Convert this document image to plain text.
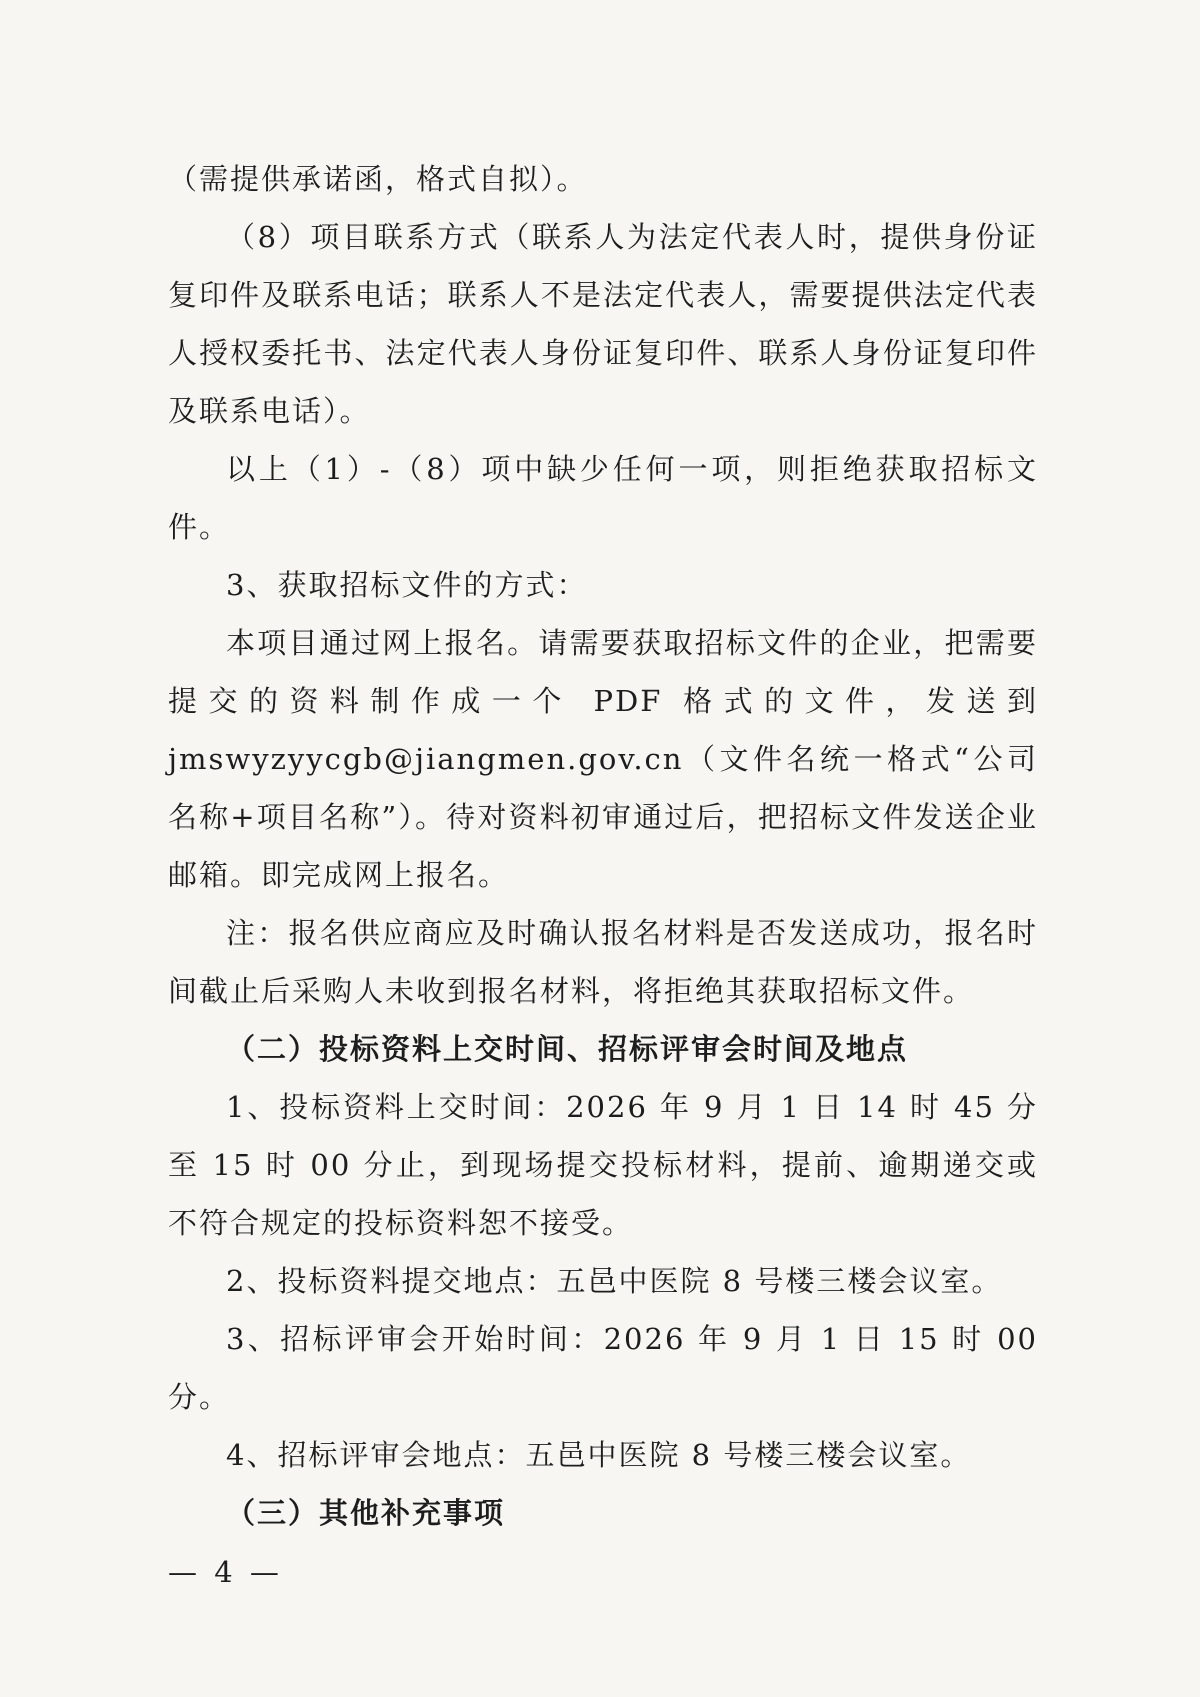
（需提供承诺函，格式自拟）。

（8）项目联系方式（联系人为法定代表人时，提供身份证复印件及联系电话；联系人不是法定代表人，需要提供法定代表人授权委托书、法定代表人身份证复印件、联系人身份证复印件及联系电话）。

以上（1）-（8）项中缺少任何一项，则拒绝获取招标文件。

3、获取招标文件的方式：

本项目通过网上报名。请需要获取招标文件的企业，把需要提交的资料制作成一个 PDF 格式的文件，发送到 jmswyzyycgb@jiangmen.gov.cn（文件名统一格式“公司名称+项目名称”）。待对资料初审通过后，把招标文件发送企业邮箱。即完成网上报名。

注：报名供应商应及时确认报名材料是否发送成功，报名时间截止后采购人未收到报名材料，将拒绝其获取招标文件。

（二）投标资料上交时间、招标评审会时间及地点

1、投标资料上交时间：2026 年 9 月 1 日 14 时 45 分至 15 时 00 分止，到现场提交投标材料，提前、逾期递交或不符合规定的投标资料恕不接受。

2、投标资料提交地点：五邑中医院 8 号楼三楼会议室。

3、招标评审会开始时间：2026 年 9 月 1 日 15 时 00 分。

4、招标评审会地点：五邑中医院 8 号楼三楼会议室。

（三）其他补充事项

— 4 —
